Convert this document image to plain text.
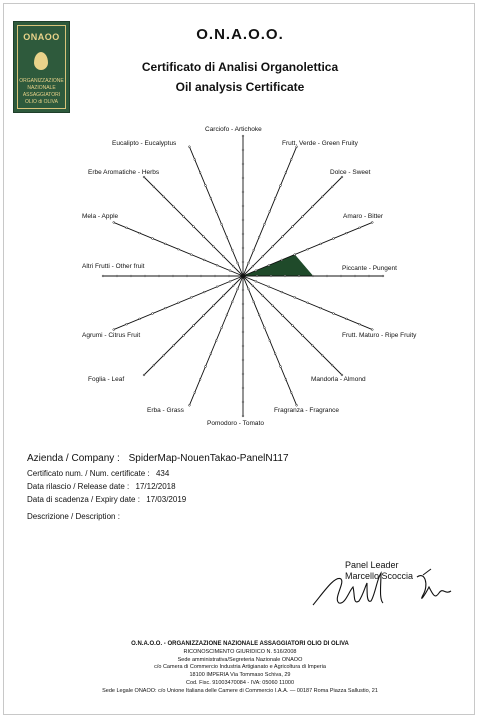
ONAOO
ORGANIZZAZIONE
NAZIONALE
ASSAGGIATORI
OLIO di OLIVA
O.N.A.O.O.
Certificato di Analisi Organolettica
Oil analysis Certificate
Carciofo - Artichoke
Frutt. Verde - Green Fruity
Dolce - Sweet
Amaro - Bitter
Piccante - Pungent
Frutt. Maturo - Ripe Fruity
Mandorla - Almond
Fragranza - Fragrance
Pomodoro - Tomato
Erba - Grass
Foglia - Leaf
Agrumi - Citrus Fruit
Altri Frutti - Other fruit
Mela - Apple
Erbe Aromatiche - Herbs
Eucalipto - Eucalyptus
Azienda / Company : SpiderMap-NouenTakao-PanelN117
Certificato num. / Num. certificate : 434
Data rilascio / Release date : 17/12/2018
Data di scadenza / Expiry date : 17/03/2019
Descrizione / Description :
Panel Leader
Marcello Scoccia
O.N.A.O.O. - ORGANIZZAZIONE NAZIONALE ASSAGGIATORI OLIO DI OLIVA
RICONOSCIMENTO GIURIDICO N. 516/2008
Sede amministrativa/Segreteria Nazionale ONAOO
c/o Camera di Commercio Industria Artigianato e Agricoltura di Imperia
18100 IMPERIA Via Tommaso Schiva, 29
Cod. Fisc. 91003470084 - IVA: 05060 11000
Sede Legale ONAOO: c/o Unione Italiana delle Camere di Commercio I.A.A. — 00187 Roma Piazza Sallustio, 21
